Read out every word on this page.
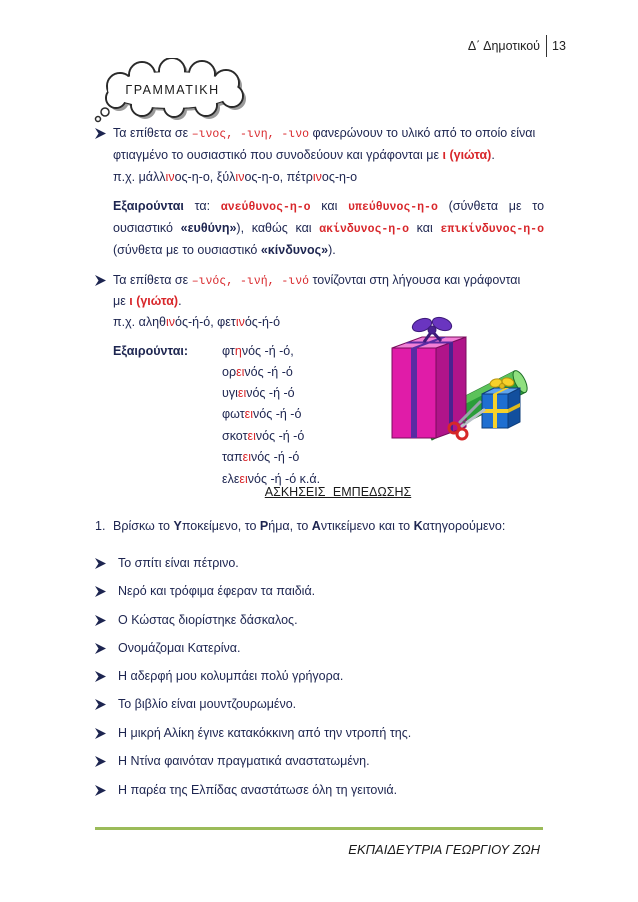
Δ΄ Δημοτικού 13
ΓΡΑΜΜΑΤΙΚΗ
Τα επίθετα σε –ινος, -ινη, -ινο φανερώνουν το υλικό από το οποίο είναι
φτιαγμένο το ουσιαστικό που συνοδεύουν και γράφονται με ι (γιώτα).
π.χ. μάλλινος-η-ο, ξύλινος-η-ο, πέτρινος-η-ο
Εξαιρούνται τα: ανεύθυνος-η-ο και υπεύθυνος-η-ο (σύνθετα με το
ουσιαστικό «ευθύνη»), καθώς και ακίνδυνος-η-ο και επικίνδυνος-η-ο
(σύνθετα με το ουσιαστικό «κίνδυνος»).
Τα επίθετα σε –ινός, -ινή, -ινό τονίζονται στη λήγουσα και γράφονται
με ι (γιώτα).
π.χ. αληθινός-ή-ό, φετινός-ή-ό
Εξαιρούνται:	φτηνός -ή -ό,
ορεινός -ή -ό
υγιεινός -ή -ό
φωτεινός -ή -ό
σκοτεινός -ή -ό
ταπεινός -ή -ό
ελεεινός -ή -ό κ.ά.
ΑΣΚΗΣΕΙΣ ΕΜΠΕΔΩΣΗΣ
1. Βρίσκω το Υποκείμενο, το Ρήμα, το Αντικείμενο και το Κατηγορούμενο:
Το σπίτι είναι πέτρινο.
Νερό και τρόφιμα έφεραν τα παιδιά.
Ο Κώστας διορίστηκε δάσκαλος.
Ονομάζομαι Κατερίνα.
Η αδερφή μου κολυμπάει πολύ γρήγορα.
Το βιβλίο είναι μουντζουρωμένο.
Η μικρή Αλίκη έγινε κατακόκκινη από την ντροπή της.
Η Ντίνα φαινόταν πραγματικά αναστατωμένη.
Η παρέα της Ελπίδας αναστάτωσε όλη τη γειτονιά.
ΕΚΠΑΙΔΕΥΤΡΙΑ ΓΕΩΡΓΙΟΥ ΖΩΗ
